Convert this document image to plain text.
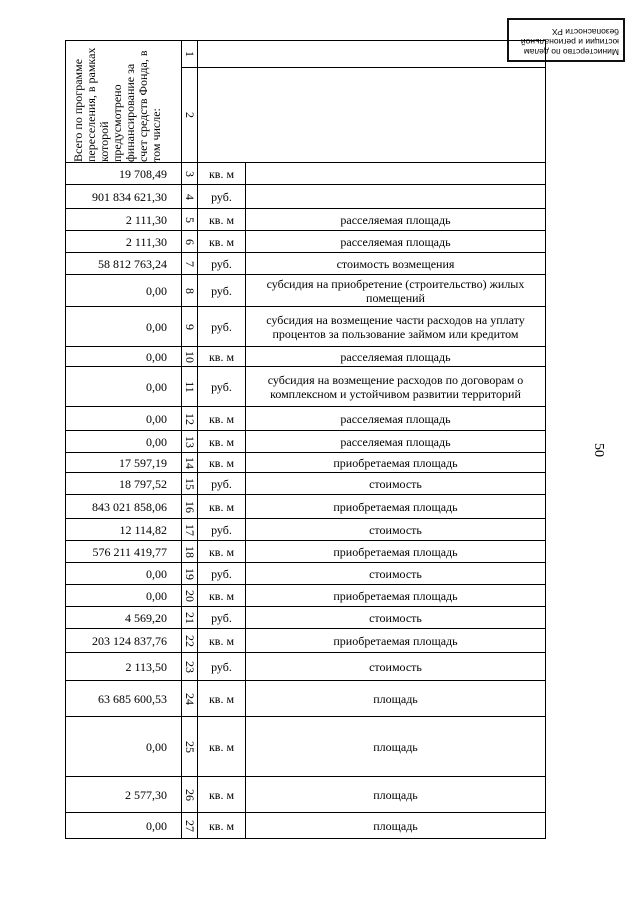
Министерство по делам
юстиции и региональной
безопасности РХ
50
Всего по программе переселения, в рамках которой предусмотрено финансирование за счет средств Фонда, в том числе:
1
2
19 708,49	3	кв. м
901 834 621,30	4	руб.
2 111,30	5	кв. м	расселяемая площадь
2 111,30	6	кв. м	расселяемая площадь
58 812 763,24	7	руб.	стоимость возмещения
0,00	8	руб.	субсидия на приобретение (строительство) жилых помещений
0,00	9	руб.	субсидия на возмещение части расходов на уплату процентов за пользование займом или кредитом
0,00	10	кв. м	расселяемая площадь
0,00	11	руб.	субсидия на возмещение расходов по договорам о комплексном и устойчивом развитии территорий
0,00	12	кв. м	расселяемая площадь
0,00	13	кв. м	расселяемая площадь
17 597,19	14	кв. м	приобретаемая площадь
18 797,52	15	руб.	стоимость
843 021 858,06	16	кв. м	приобретаемая площадь
12 114,82	17	руб.	стоимость
576 211 419,77	18	кв. м	приобретаемая площадь
0,00	19	руб.	стоимость
0,00	20	кв. м	приобретаемая площадь
4 569,20	21	руб.	стоимость
203 124 837,76	22	кв. м	приобретаемая площадь
2 113,50	23	руб.	стоимость
63 685 600,53	24	кв. м	площадь
0,00	25	кв. м	площадь
2 577,30	26	кв. м	площадь
0,00	27	кв. м	площадь
